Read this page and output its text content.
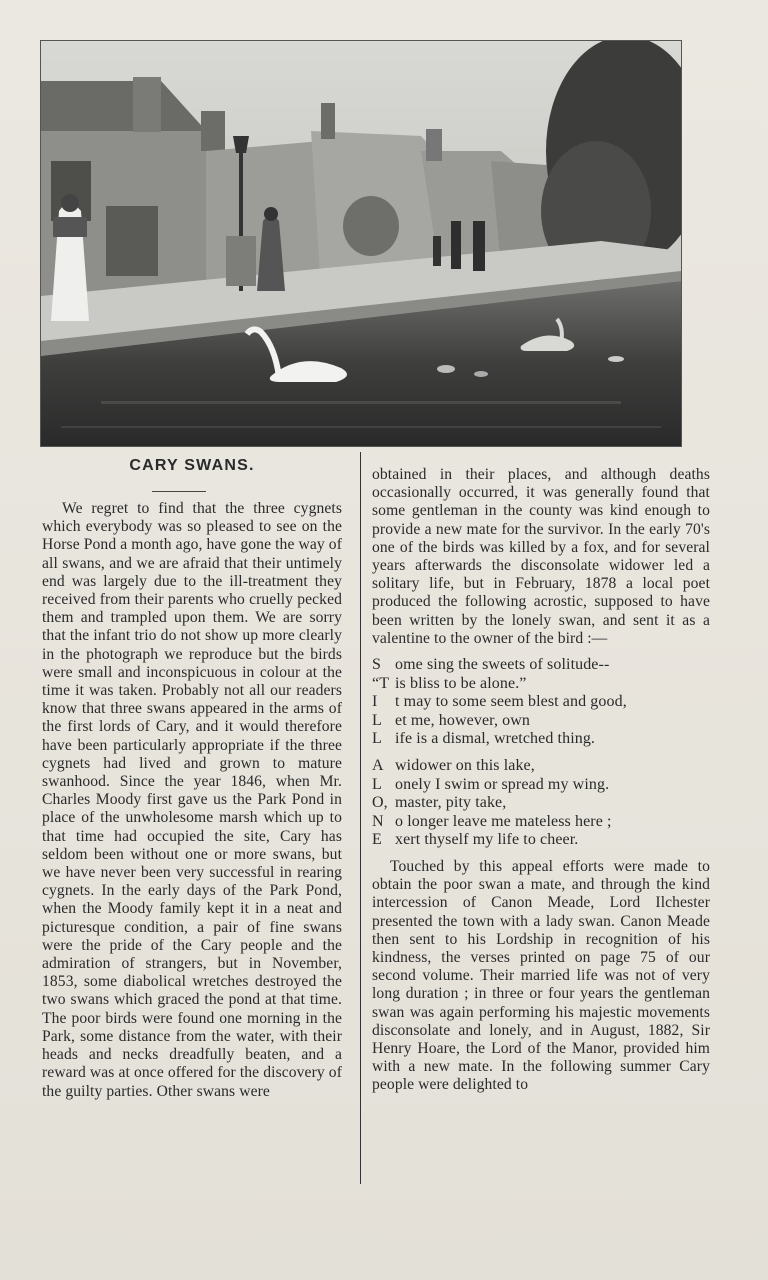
CARY SWANS.

We regret to find that the three cygnets which everybody was so pleased to see on the Horse Pond a month ago, have gone the way of all swans, and we are afraid that their untimely end was largely due to the ill-treatment they received from their parents who cruelly pecked them and trampled upon them. We are sorry that the infant trio do not show up more clearly in the photograph we reproduce but the birds were small and inconspicuous in colour at the time it was taken. Probably not all our readers know that three swans appeared in the arms of the first lords of Cary, and it would therefore have been particularly appropriate if the three cygnets had lived and grown to mature swanhood. Since the year 1846, when Mr. Charles Moody first gave us the Park Pond in place of the unwholesome marsh which up to that time had occupied the site, Cary has seldom been without one or more swans, but we have never been very successful in rearing cygnets. In the early days of the Park Pond, when the Moody family kept it in a neat and picturesque condition, a pair of fine swans were the pride of the Cary people and the admiration of strangers, but in November, 1853, some diabolical wretches destroyed the two swans which graced the pond at that time. The poor birds were found one morning in the Park, some distance from the water, with their heads and necks dreadfully beaten, and a reward was at once offered for the discovery of the guilty parties. Other swans were

obtained in their places, and although deaths occasionally occurred, it was generally found that some gentleman in the county was kind enough to provide a new mate for the survivor. In the early 70's one of the birds was killed by a fox, and for several years afterwards the disconsolate widower led a solitary life, but in February, 1878 a local poet produced the following acrostic, supposed to have been written by the lonely swan, and sent it as a valentine to the owner of the bird :—

S ome sing the sweets of solitude--
“T is bliss to be alone.”
I	t may to some seem blest and good,
L et me, however, own
L ife is a dismal, wretched thing.
A widower on this lake,
L onely I swim or spread my wing.
O, master, pity take,
N o longer leave me mateless here ;
E xert thyself my life to cheer.

Touched by this appeal efforts were made to obtain the poor swan a mate, and through the kind intercession of Canon Meade, Lord Ilchester presented the town with a lady swan. Canon Meade then sent to his Lordship in recognition of his kindness, the verses printed on page 75 of our second volume. Their married life was not of very long duration ; in three or four years the gentleman swan was again performing his majestic movements disconsolate and lonely, and in August, 1882, Sir Henry Hoare, the Lord of the Manor, provided him with a new mate. In the following summer Cary people were delighted to
